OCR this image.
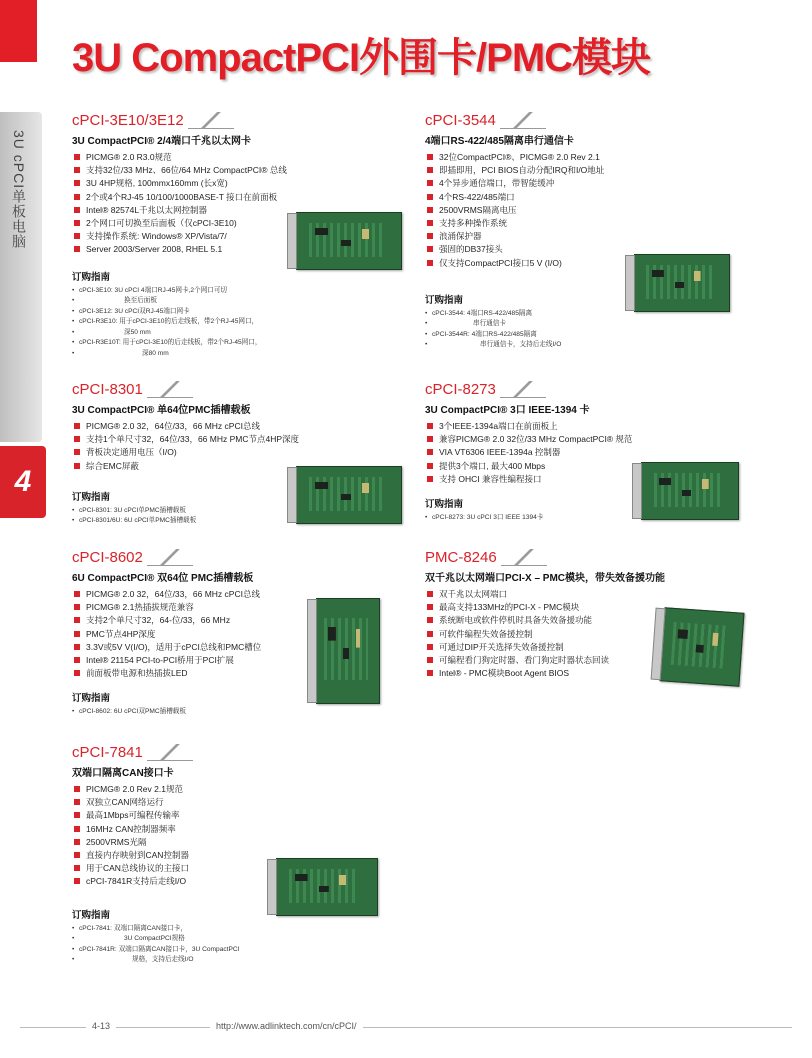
3U CompactPCI外围卡/PMC模块
3U cPCI单板电脑
4
cPCI-3E10/3E12
3U CompactPCI® 2/4端口千兆以太网卡
PICMG® 2.0 R3.0规范
支持32位/33 MHz、66位/64 MHz CompactPCI® 总线
3U 4HP规格, 100mmx160mm (长x宽)
2个或4个RJ-45 10/100/1000BASE-T 接口在前面板
Intel® 82574L千兆以太网控制器
2个网口可切换至后面板（仅cPCI-3E10)
支持操作系统: Windows® XP/Vista/7/
Server 2003/Server 2008, RHEL 5.1
订购指南
• cPCI-3E10: 3U cPCI 4端口RJ-45网卡,2个网口可切
• 换至后面板
• cPCI-3E12: 3U cPCI双RJ-45端口网卡
• cPCI-R3E10: 用于cPCI-3E10的后走线板，带2个RJ-45网口，
• 深50 mm
• cPCI-R3E10T: 用于cPCI-3E10的后走线板，带2个RJ-45网口，
• 深80 mm
cPCI-3544
4端口RS-422/485隔离串行通信卡
32位CompactPCI®、PICMG® 2.0 Rev 2.1
即插即用，PCI BIOS自动分配IRQ和I/O地址
4个异步通信端口，带智能缓冲
4个RS-422/485端口
2500VRMS隔离电压
支持多种操作系统
浪涌保护器
强固的DB37接头
仅支持CompactPCI接口5 V (I/O)
订购指南
• cPCI-3544: 4端口RS-422/485隔离
• 串行通信卡
• cPCI-3544R: 4端口RS-422/485隔离
• 串行通信卡，支持后走线I/O
cPCI-8301
3U CompactPCI® 单64位PMC插槽载板
PICMG® 2.0 32，64位/33，66 MHz cPCI总线
支持1个单尺寸32，64位/33，66 MHz PMC节点4HP深度
背板决定通用电压（I/O)
综合EMC屏蔽
订购指南
• cPCI-8301: 3U cPCI单PMC插槽载板
• cPCI-8301/6U: 6U cPCI单PMC插槽载板
cPCI-8273
3U CompactPCI® 3口 IEEE-1394 卡
3个IEEE-1394a端口在前面板上
兼容PICMG® 2.0 32位/33 MHz CompactPCI® 规范
VIA VT6306 IEEE-1394a 控制器
提供3个端口, 最大400 Mbps
支持 OHCI 兼容性编程接口
订购指南
• cPCI-8273: 3U cPCI 3口 IEEE 1394卡
cPCI-8602
6U CompactPCI® 双64位 PMC插槽载板
PICMG® 2.0 32，64位/33，66 MHz cPCI总线
PICMG® 2.1热插拔规范兼容
支持2个单尺寸32，64-位/33，66 MHz
PMC节点4HP深度
3.3V或5V V(I/O)，适用于cPCI总线和PMC槽位
Intel® 21154 PCI-to-PCI桥用于PCI扩展
前面板带电源和热插拔LED
订购指南
• cPCI-8602: 6U cPCI双PMC插槽载板
PMC-8246
双千兆以太网端口PCI-X – PMC模块，带失效备援功能
双千兆以太网端口
最高支持133MHz的PCI-X - PMC模块
系统断电或软件停机时具备失效备援功能
可软件编程失效备援控制
可通过DIP开关选择失效备援控制
可编程看门狗定时器、看门狗定时器状态回读
Intel® - PMC模块Boot Agent BIOS
cPCI-7841
双端口隔离CAN接口卡
PICMG® 2.0 Rev 2.1规范
双独立CAN网络运行
最高1Mbps可编程传输率
16MHz CAN控制器频率
2500VRMS光隔
直接内存映射到CAN控制器
用于CAN总线协议的主接口
cPCI-7841R支持后走线I/O
订购指南
• cPCI-7841: 双端口隔离CAN接口卡，
• 3U CompactPCI规格
• cPCI-7841R: 双端口隔离CAN接口卡，3U CompactPCI
• 规格，支持后走线I/O
4-13	http://www.adlinktech.com/cn/cPCI/
